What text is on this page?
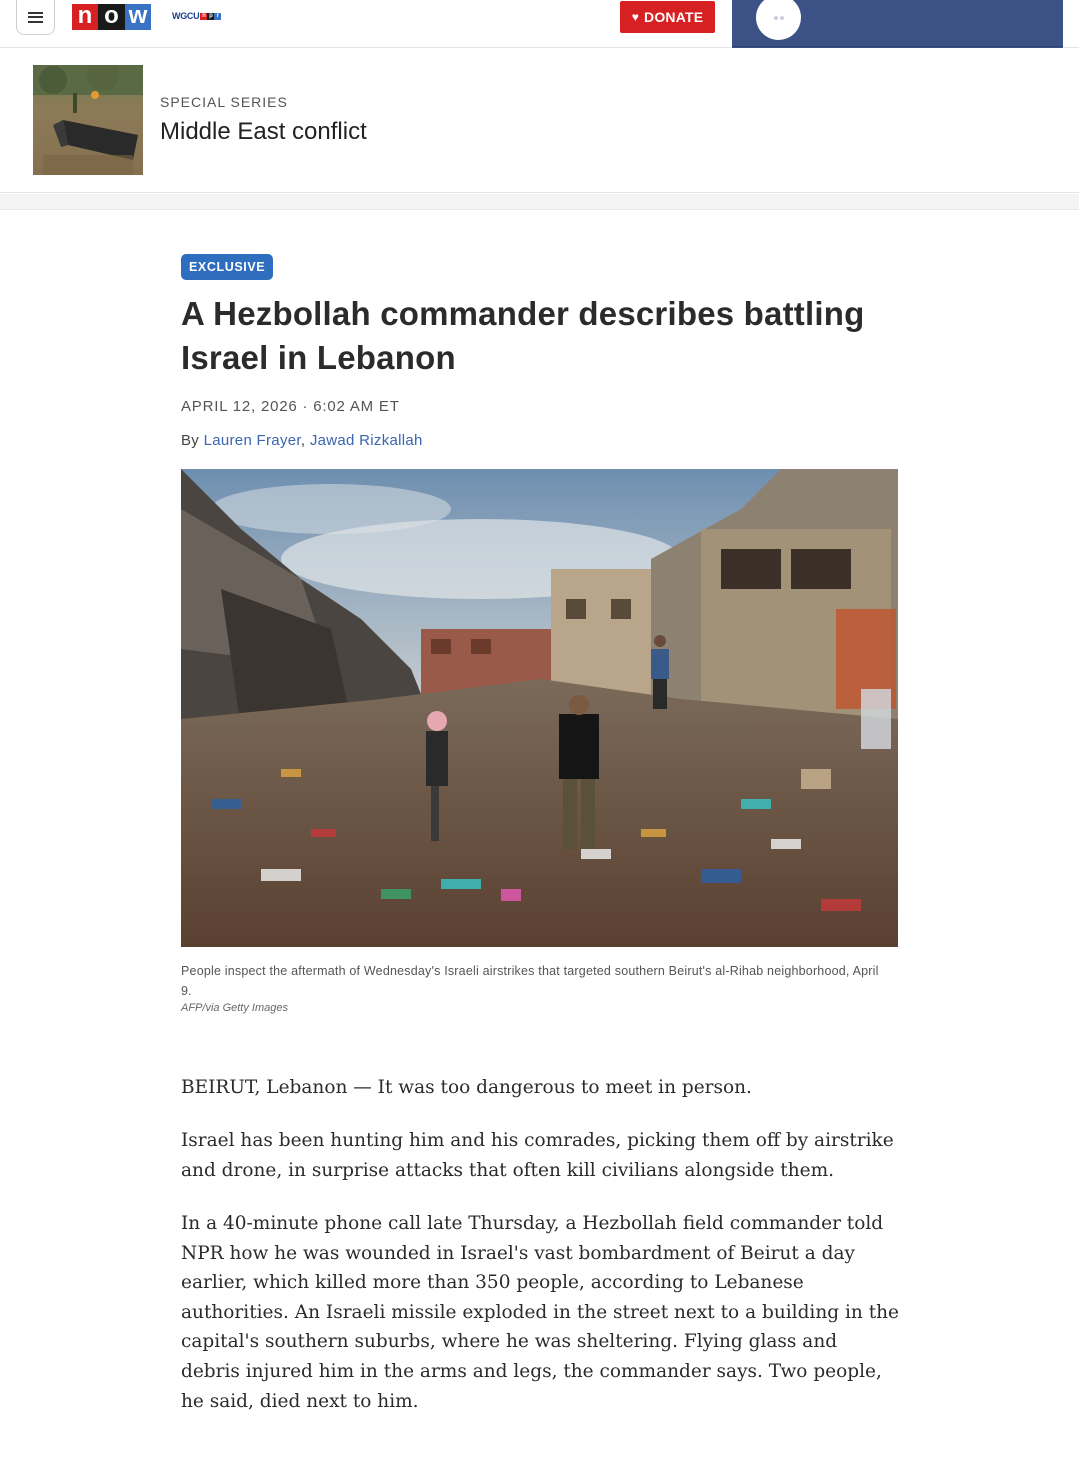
n o w	WGCU n p r	♥ DONATE
SPECIAL SERIES
Middle East conflict
EXCLUSIVE
A Hezbollah commander describes battling Israel in Lebanon
APRIL 12, 2026 · 6:02 AM ET
By Lauren Frayer, Jawad Rizkallah
People inspect the aftermath of Wednesday's Israeli airstrikes that targeted southern Beirut's al-Rihab neighborhood, April 9.
AFP/via Getty Images

BEIRUT, Lebanon — It was too dangerous to meet in person.

Israel has been hunting him and his comrades, picking them off by airstrike and drone, in surprise attacks that often kill civilians alongside them.

In a 40-minute phone call late Thursday, a Hezbollah field commander told NPR how he was wounded in Israel's vast bombardment of Beirut a day earlier, which killed more than 350 people, according to Lebanese authorities. An Israeli missile exploded in the street next to a building in the capital's southern suburbs, where he was sheltering. Flying glass and debris injured him in the arms and legs, the commander says. Two people, he said, died next to him.
